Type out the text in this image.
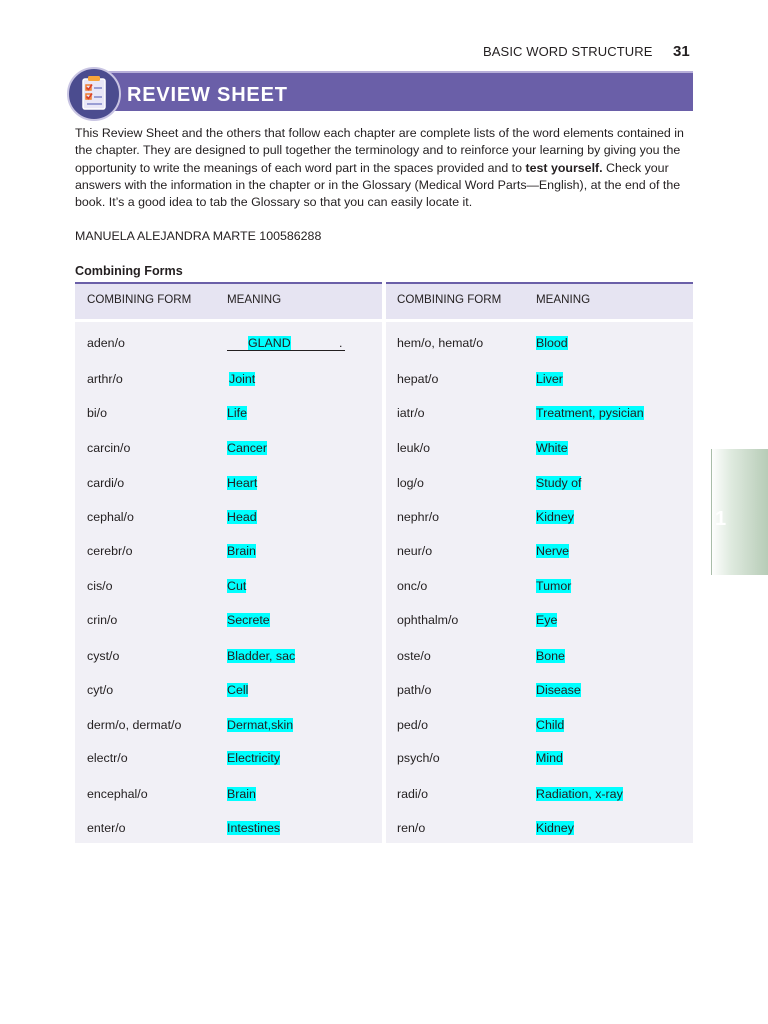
BASIC WORD STRUCTURE 31
REVIEW SHEET
This Review Sheet and the others that follow each chapter are complete lists of the word elements contained in the chapter. They are designed to pull together the terminology and to reinforce your learning by giving you the opportunity to write the meanings of each word part in the spaces provided and to test yourself. Check your answers with the information in the chapter or in the Glossary (Medical Word Parts—English), at the end of the book. It’s a good idea to tab the Glossary so that you can easily locate it.
MANUELA ALEJANDRA MARTE 100586288
Combining Forms
COMBINING FORM	MEANING	COMBINING FORM	MEANING
aden/o	GLAND
arthr/o	Joint
bi/o	Life
carcin/o	Cancer
cardi/o	Heart
cephal/o	Head
cerebr/o	Brain
cis/o	Cut
crin/o	Secrete
cyst/o	Bladder, sac
cyt/o	Cell
derm/o, dermat/o	Dermat,skin
electr/o	Electricity
encephal/o	Brain
enter/o	Intestines
hem/o, hemat/o	Blood
hepat/o	Liver
iatr/o	Treatment, pysician
leuk/o	White
log/o	Study of
nephr/o	Kidney
neur/o	Nerve
onc/o	Tumor
ophthalm/o	Eye
oste/o	Bone
path/o	Disease
ped/o	Child
psych/o	Mind
radi/o	Radiation, x-ray
ren/o	Kidney
.
1
